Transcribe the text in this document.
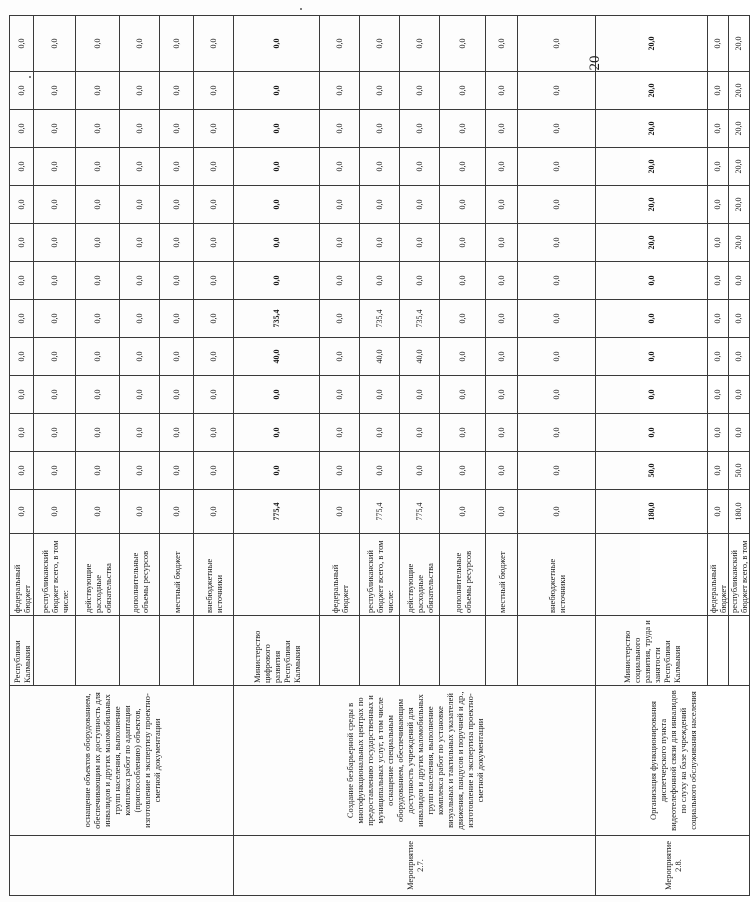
	оснащение объектов оборудованием, обеспечивающим их доступность для инвалидов и других маломобильных групп населения, выполнение комплекса работ по адаптации (приспособлению) объектов, изготовление и экспертизу проектно-сметной документации	Республики Калмыкия	федеральный бюджет	0,0	0,0	0,0	0,0	0,0	0,0	0,0	0,0	0,0	0,0	0,0	0,0	0,0
			республиканский бюджет всего, в том числе:	0,0	0,0	0,0	0,0	0,0	0,0	0,0	0,0	0,0	0,0	0,0	0,0	0,0
			действующие расходные обязательства	0,0	0,0	0,0	0,0	0,0	0,0	0,0	0,0	0,0	0,0	0,0	0,0	0,0
			дополнительные объемы ресурсов	0,0	0,0	0,0	0,0	0,0	0,0	0,0	0,0	0,0	0,0	0,0	0,0	0,0
			местный бюджет	0,0	0,0	0,0	0,0	0,0	0,0	0,0	0,0	0,0	0,0	0,0	0,0	0,0
			внебюджетные источники	0,0	0,0	0,0	0,0	0,0	0,0	0,0	0,0	0,0	0,0	0,0	0,0	0,0
Мероприятие 2.7.	Создание безбарьерной среды в многофункциональных центрах по предоставлению государственных и муниципальных услуг, в том числе оснащение специальным оборудованием, обеспечивающим доступность учреждений для инвалидов и других маломобильных групп населения, выполнение комплекса работ по установке визуальных и тактильных указателей движения, пандусов и поручней и др., изготовление и экспертиза проектно-сметной документации	Министерство цифрового развития Республики Калмыкия		775,4	0,0	0,0	0,0	40,0	735,4	0,0	0,0	0,0	0,0	0,0	0,0	0,0
			федеральный бюджет	0,0	0,0	0,0	0,0	0,0	0,0	0,0	0,0	0,0	0,0	0,0	0,0	0,0
			республиканский бюджет всего, в том числе:	775,4	0,0	0,0	0,0	40,0	735,4	0,0	0,0	0,0	0,0	0,0	0,0	0,0
			действующие расходные обязательства	775,4	0,0	0,0	0,0	40,0	735,4	0,0	0,0	0,0	0,0	0,0	0,0	0,0
			дополнительные объемы ресурсов	0,0	0,0	0,0	0,0	0,0	0,0	0,0	0,0	0,0	0,0	0,0	0,0	0,0
			местный бюджет	0,0	0,0	0,0	0,0	0,0	0,0	0,0	0,0	0,0	0,0	0,0	0,0	0,0
			внебюджетные источники	0,0	0,0	0,0	0,0	0,0	0,0	0,0	0,0	0,0	0,0	0,0	0,0	0,0
Мероприятие 2.8.	Организация функционирования диспетчерского пункта видеотелефонной связи для инвалидов по слуху на базе учреждений социального обслуживания населения	Министерство социального развития, труда и занятости Республики Калмыкия		180,0	50,0	0,0	0,0	0,0	0,0	0,0	20,0	20,0	20,0	20,0	20,0	20,0
			федеральный бюджет	0,0	0,0	0,0	0,0	0,0	0,0	0,0	0,0	0,0	0,0	0,0	0,0	0,0
			республиканский бюджет всего, в том	180,0	50,0	0,0	0,0	0,0	0,0	0,0	20,0	20,0	20,0	20,0	20,0	20,0
20
